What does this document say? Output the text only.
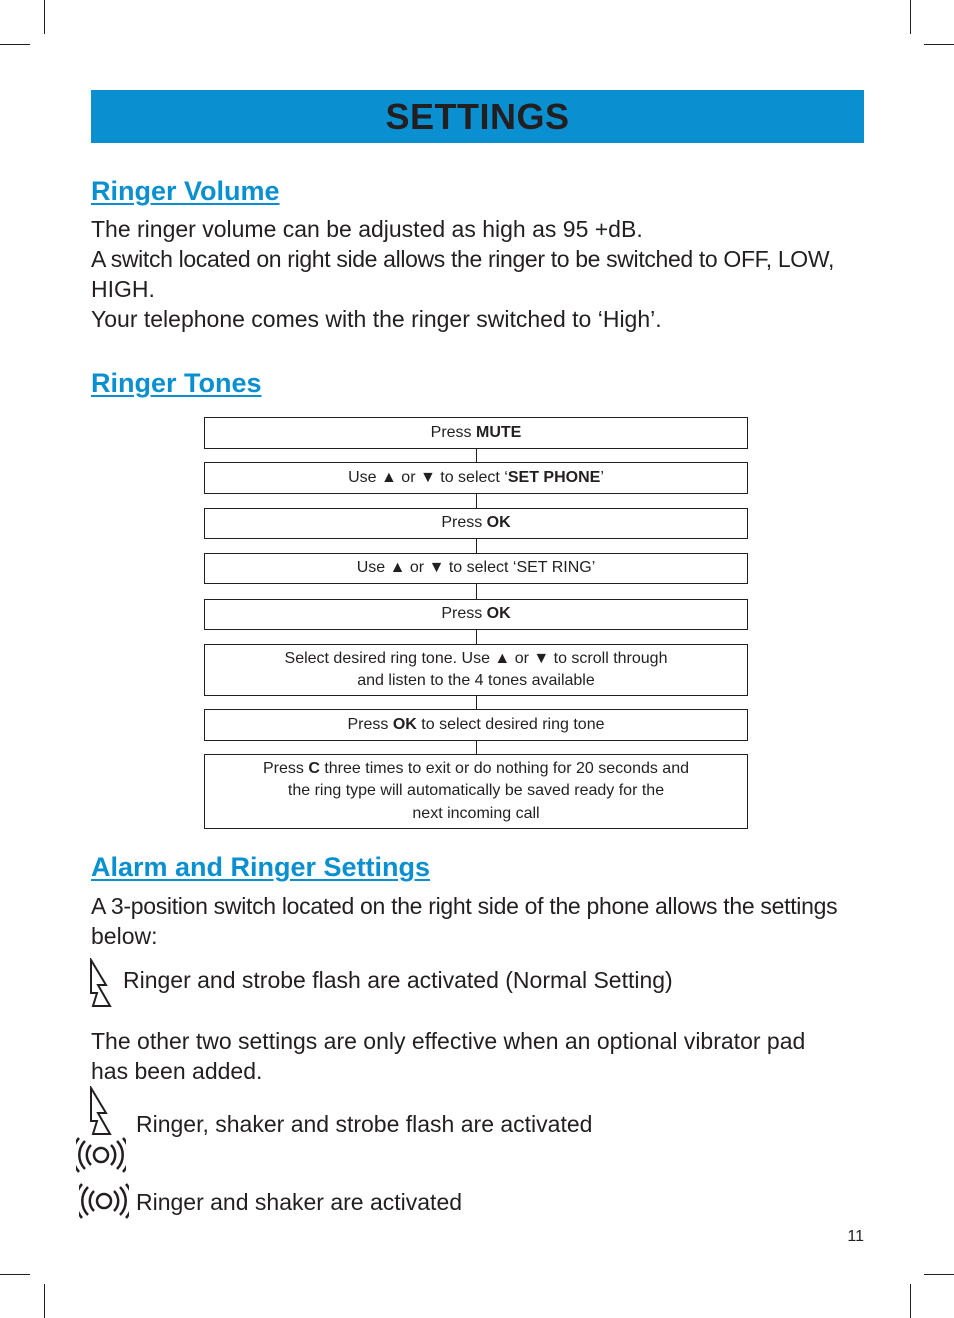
SETTINGS
Ringer Volume

The ringer volume can be adjusted as high as 95 +dB.
A switch located on right side allows the ringer to be switched to OFF, LOW,
HIGH.
Your telephone comes with the ringer switched to ‘High’.

Ringer Tones
Press MUTE
Use ▲ or ▼ to select ‘SET PHONE’
Press OK
Use ▲ or ▼ to select ‘SET RING’
Press OK
Select desired ring tone. Use ▲ or ▼ to scroll through
and listen to the 4 tones available
Press OK to select desired ring tone
Press C three times to exit or do nothing for 20 seconds and
the ring type will automatically be saved ready for the
next incoming call
Alarm and Ringer Settings

A 3-position switch located on the right side of the phone allows the settings
below:

Ringer and strobe flash are activated (Normal Setting)

The other two settings are only effective when an optional vibrator pad
has been added.

Ringer, shaker and strobe flash are activated

Ringer and shaker are activated

11
